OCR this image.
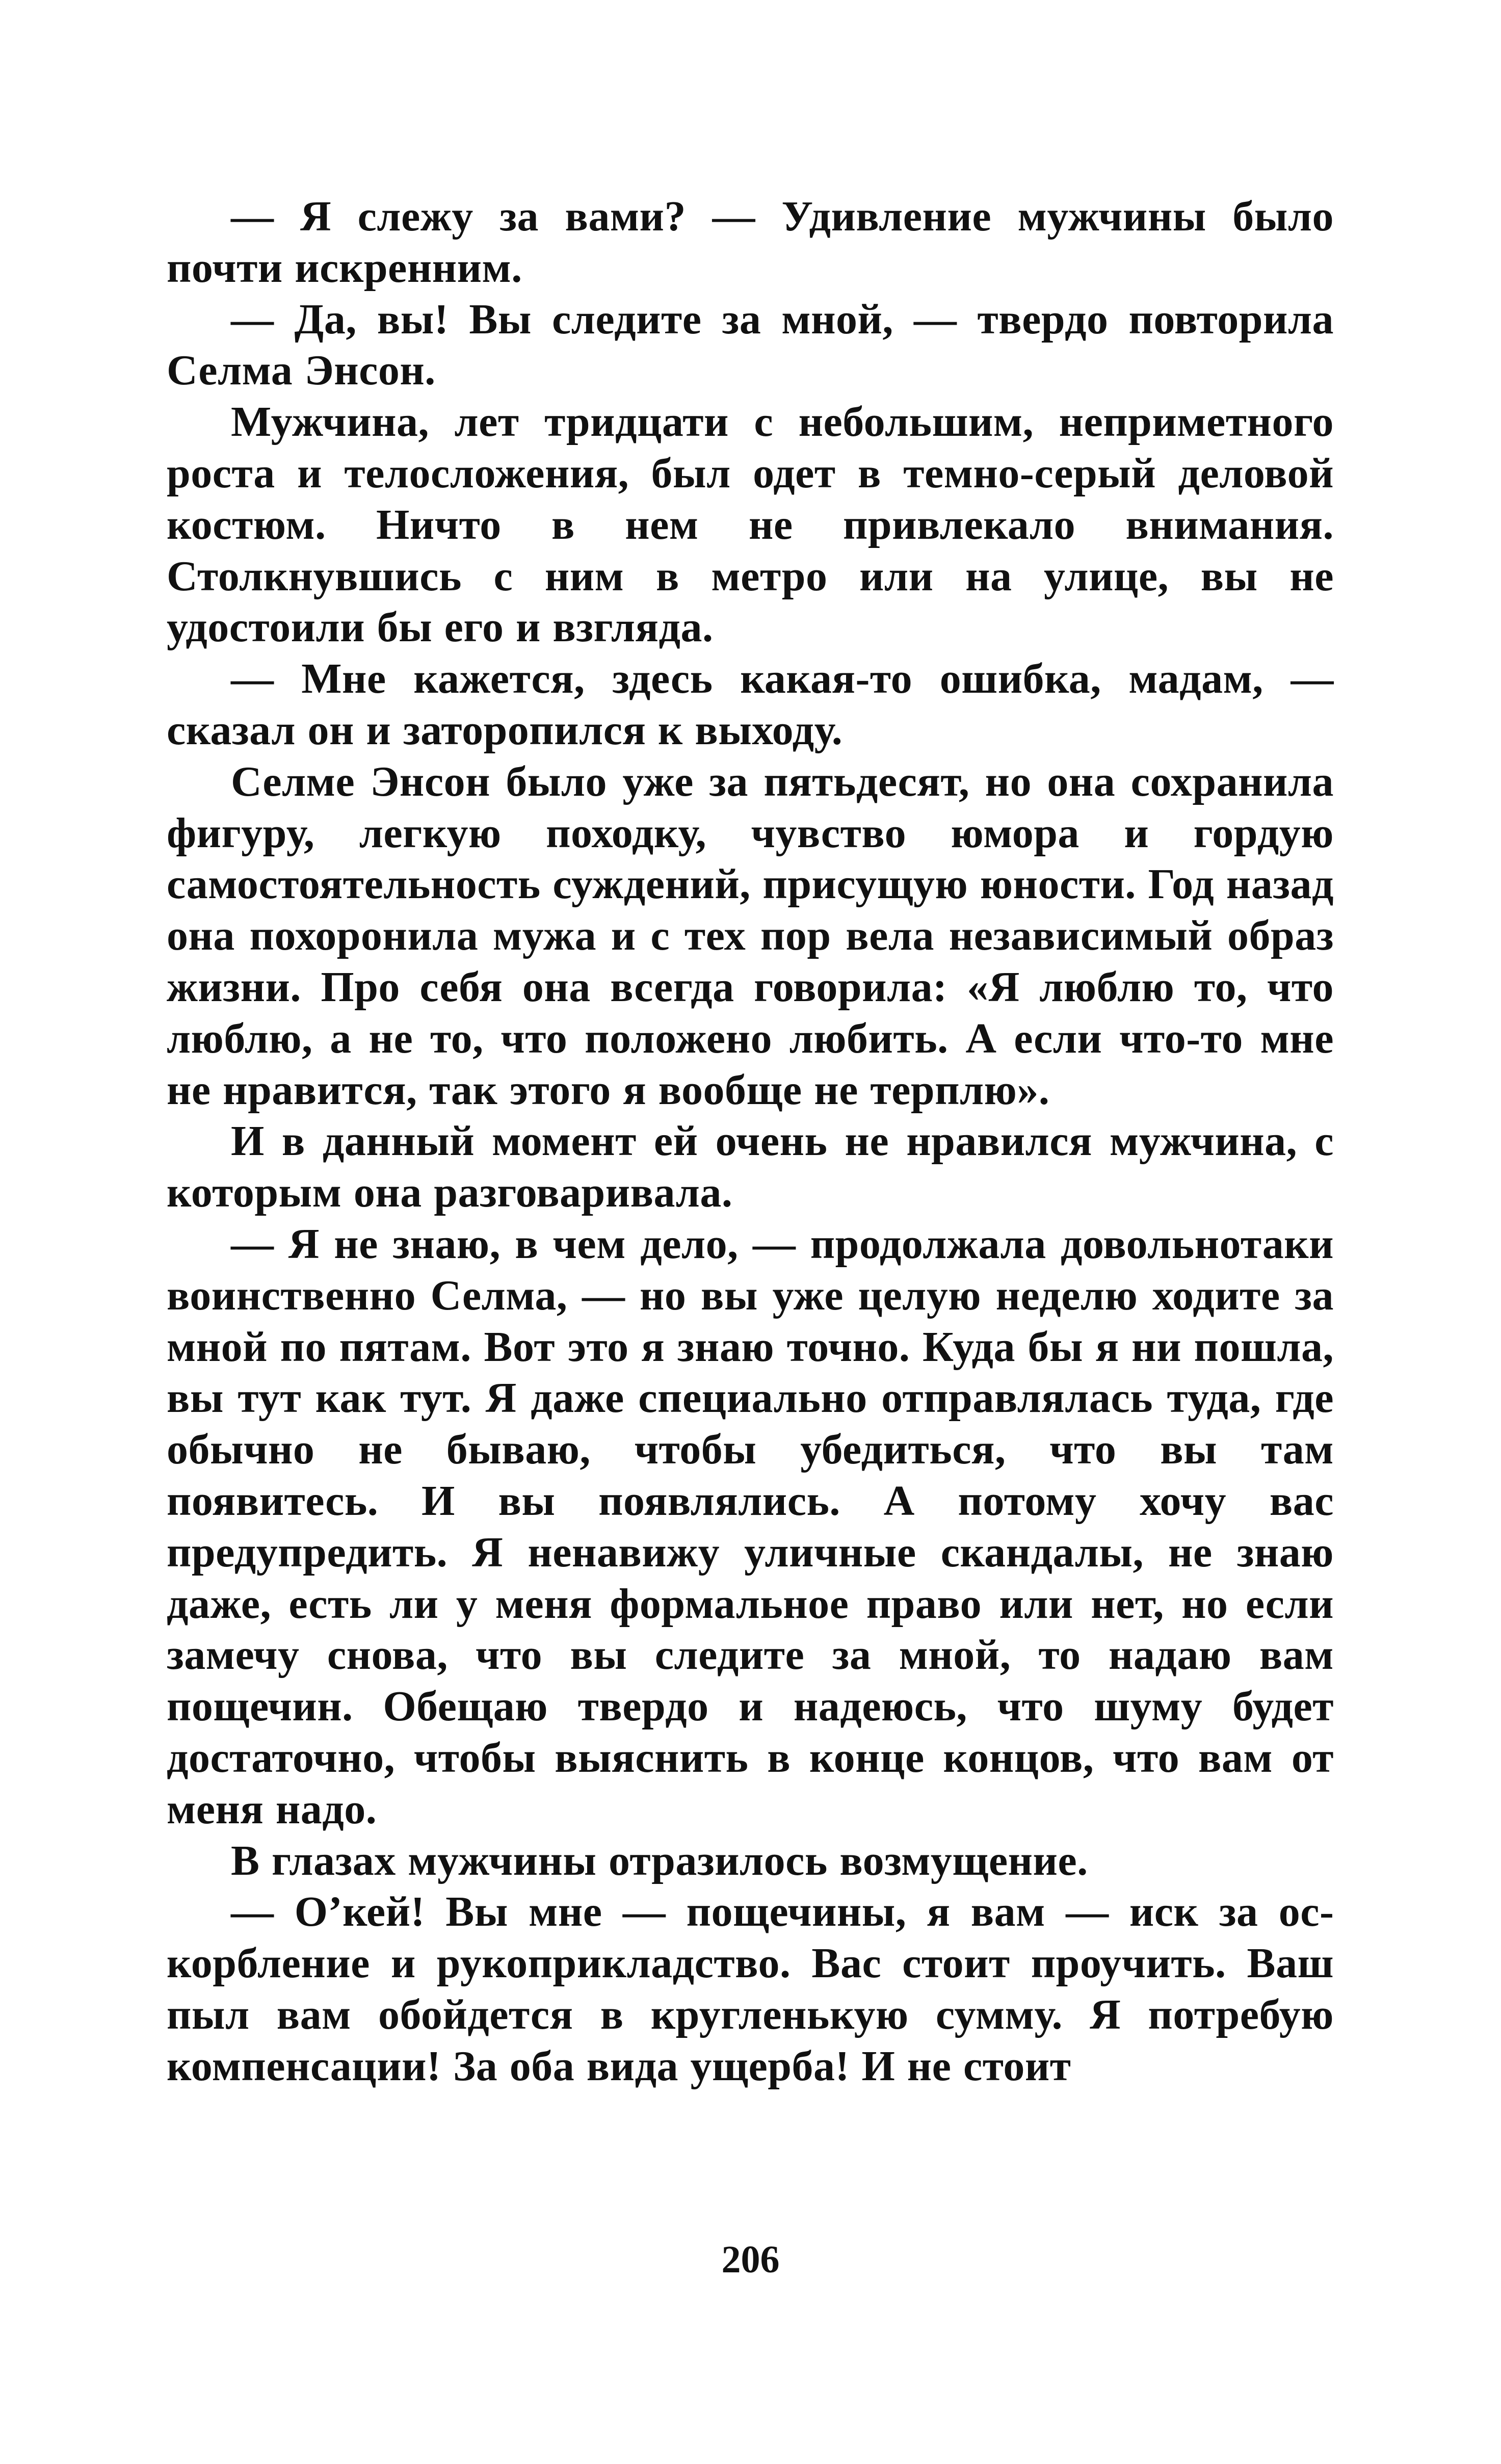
— Я слежу за вами? — Удивление мужчины было почти искренним.

— Да, вы! Вы следите за мной, — твердо повторила Селма Энсон.

Мужчина, лет тридцати с небольшим, неприметного роста и телосложения, был одет в темно-серый деловой костюм. Ничто в нем не привлекало внимания. Столкнувшись с ним в метро или на улице, вы не удостоили бы его и взгляда.

— Мне кажется, здесь какая-то ошибка, мадам, — сказал он и заторопился к выходу.

Селме Энсон было уже за пятьдесят, но она сохранила фигуру, легкую походку, чувство юмора и гордую самостоятельность суждений, присущую юности. Год назад она похоронила мужа и с тех пор вела независимый образ жизни. Про себя она всегда говорила: «Я люблю то, что люблю, а не то, что положено любить. А если что-то мне не нравится, так этого я вообще не терплю».

И в данный момент ей очень не нравился мужчина, с которым она разговаривала.

— Я не знаю, в чем дело, — продолжала довольнотаки воинственно Селма, — но вы уже целую неделю ходите за мной по пятам. Вот это я знаю точно. Куда бы я ни пошла, вы тут как тут. Я даже специально отправлялась туда, где обычно не бываю, чтобы убедиться, что вы там появитесь. И вы появлялись. А потому хочу вас предупредить. Я ненавижу уличные скандалы, не знаю даже, есть ли у меня формальное право или нет, но если замечу снова, что вы следите за мной, то надаю вам пощечин. Обещаю твердо и надеюсь, что шуму будет достаточно, чтобы выяснить в конце концов, что вам от меня надо.

В глазах мужчины отразилось возмущение.

— О’кей! Вы мне — пощечины, я вам — иск за оскорбление и рукоприкладство. Вас стоит проучить. Ваш пыл вам обойдется в кругленькую сумму. Я потребую компенсации! За оба вида ущерба! И не стоит

206
